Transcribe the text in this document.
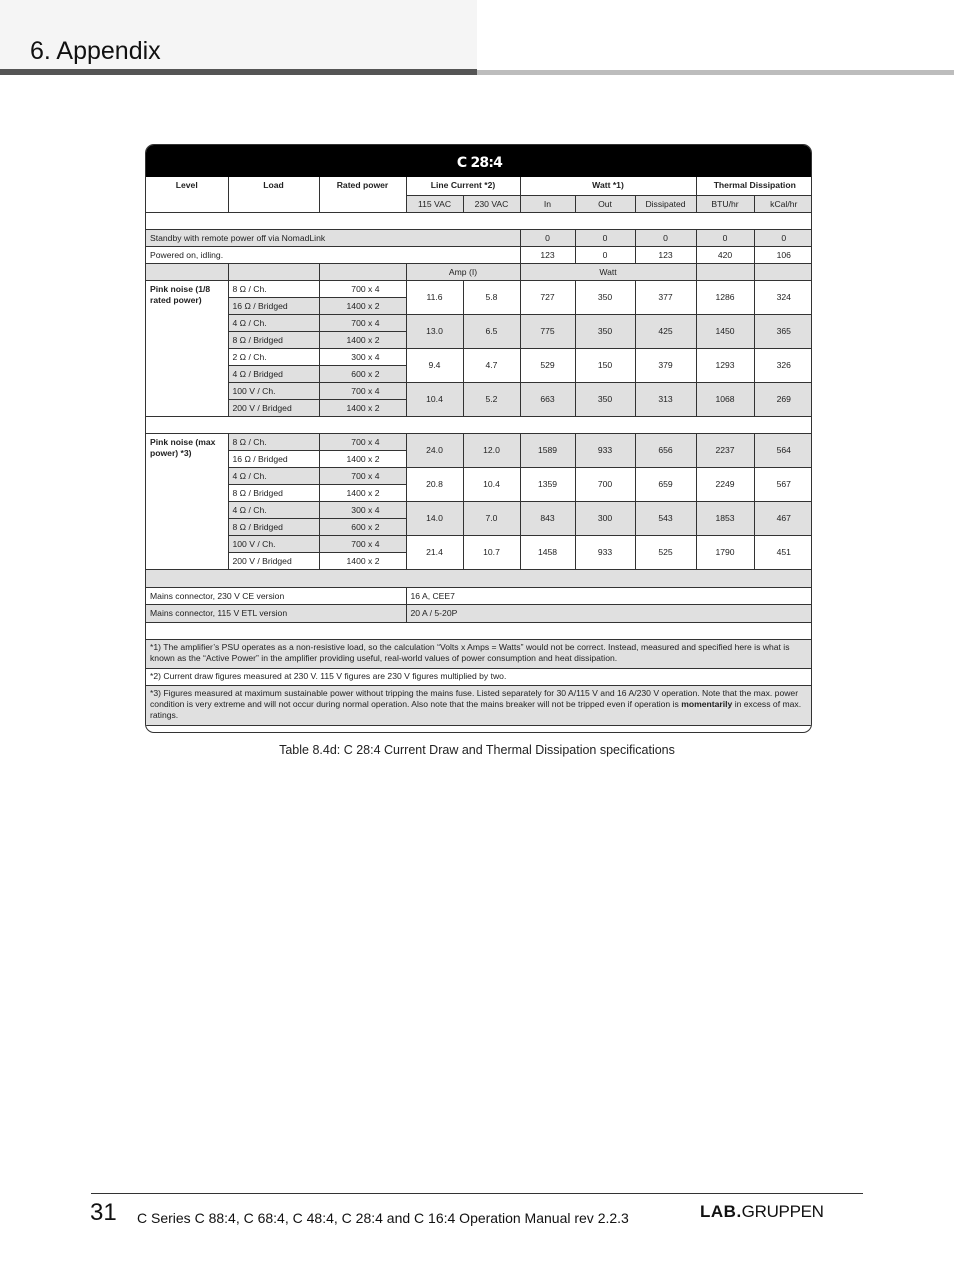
6. Appendix
C 28:4
Level	Load	Rated power	Line Current *2)		Watt *1)			Thermal Dissipation	
			115 VAC	230 VAC	In	Out	Dissipated	BTU/hr	kCal/hr

Standby with remote power off via NomadLink					0	0	0	0	0
Powered on, idling.					123	0	123	420	106
			Amp (I)		Watt				
Pink noise (1/8 rated power)	8 Ω / Ch.	700 x 4	11.6	5.8	727	350	377	1286	324
	16 Ω / Bridged	1400 x 2							
	4 Ω / Ch.	700 x 4	13.0	6.5	775	350	425	1450	365
	8 Ω / Bridged	1400 x 2							
	2 Ω / Ch.	300 x 4	9.4	4.7	529	150	379	1293	326
	4 Ω / Bridged	600 x 2							
	100 V / Ch.	700 x 4	10.4	5.2	663	350	313	1068	269
	200 V / Bridged	1400 x 2							

Pink noise (max power) *3)	8 Ω / Ch.	700 x 4	24.0	12.0	1589	933	656	2237	564
	16 Ω / Bridged	1400 x 2							
	4 Ω / Ch.	700 x 4	20.8	10.4	1359	700	659	2249	567
	8 Ω / Bridged	1400 x 2							
	4 Ω / Ch.	300 x 4	14.0	7.0	843	300	543	1853	467
	8 Ω / Bridged	600 x 2							
	100 V / Ch.	700 x 4	21.4	10.7	1458	933	525	1790	451
	200 V / Bridged	1400 x 2							

Mains connector, 230 V CE version			16 A, CEE7						
Mains connector, 115 V ETL version			20 A / 5-20P						

*1) The amplifier’s PSU operates as a non-resistive load, so the calculation “Volts x Amps = Watts” would not be correct. Instead, measured and specified here is what is known as the “Active Power” in the amplifier providing useful, real-world values of power consumption and heat dissipation.									
*2) Current draw figures measured at 230 V. 115 V figures are 230 V figures multiplied by two.									
*3) Figures measured at maximum sustainable power without tripping the mains fuse. Listed separately for 30 A/115 V and 16 A/230 V operation. Note that the max. power condition is very extreme and will not occur during normal operation. Also note that the mains breaker will not be tripped even if operation is momentarily in excess of max. ratings.									
Table 8.4d: C 28:4 Current Draw and Thermal Dissipation specifications
31 C Series C 88:4, C 68:4, C 48:4, C 28:4 and C 16:4 Operation Manual rev 2.2.3	LAB.GRUPPEN
